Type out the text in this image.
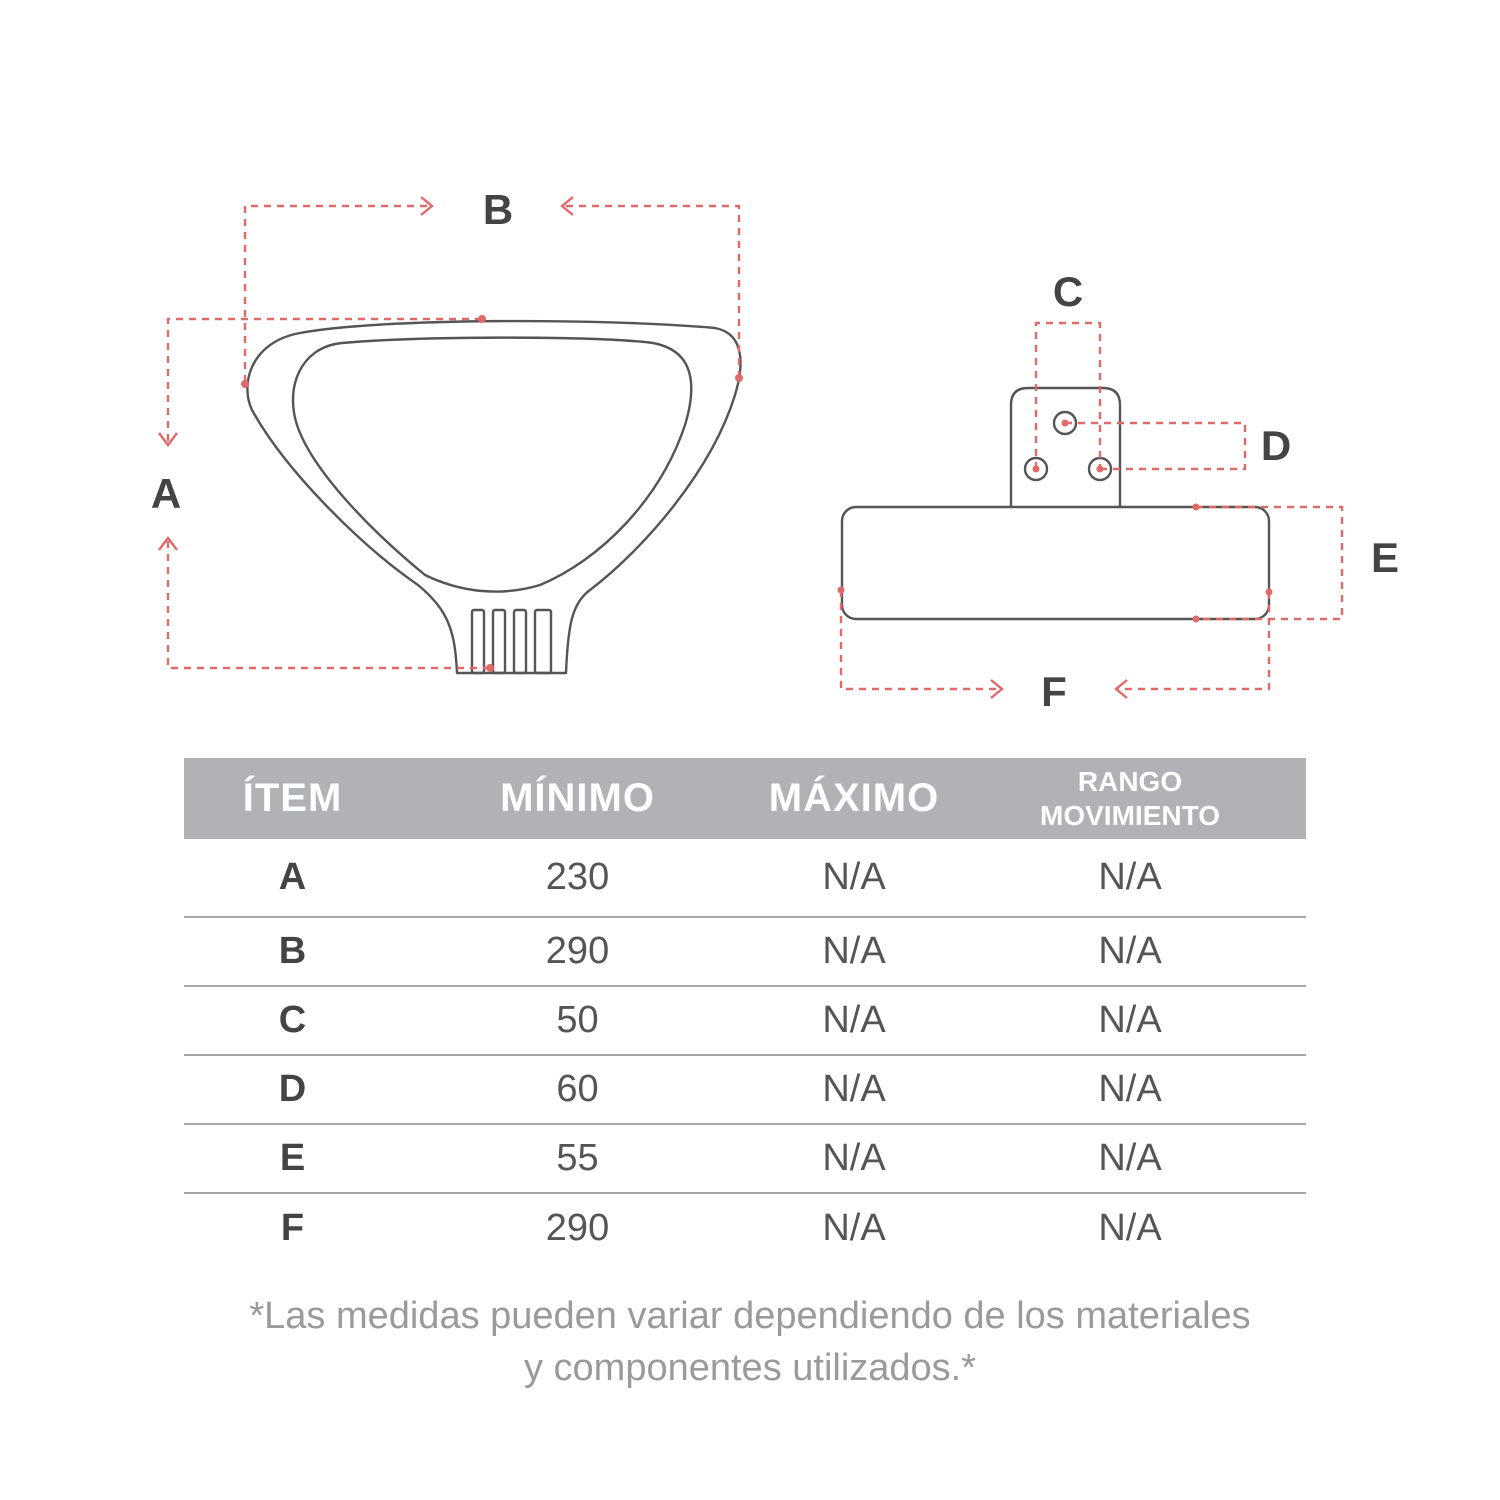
B
A
C
D
E
F
ÍTEM	MÍNIMO	MÁXIMO	RANGO
MOVIMIENTO
A	230	N/A	N/A
B	290	N/A	N/A
C	50	N/A	N/A
D	60	N/A	N/A
E	55	N/A	N/A
F	290	N/A	N/A
*Las medidas pueden variar dependiendo de los materiales
y componentes utilizados.*
